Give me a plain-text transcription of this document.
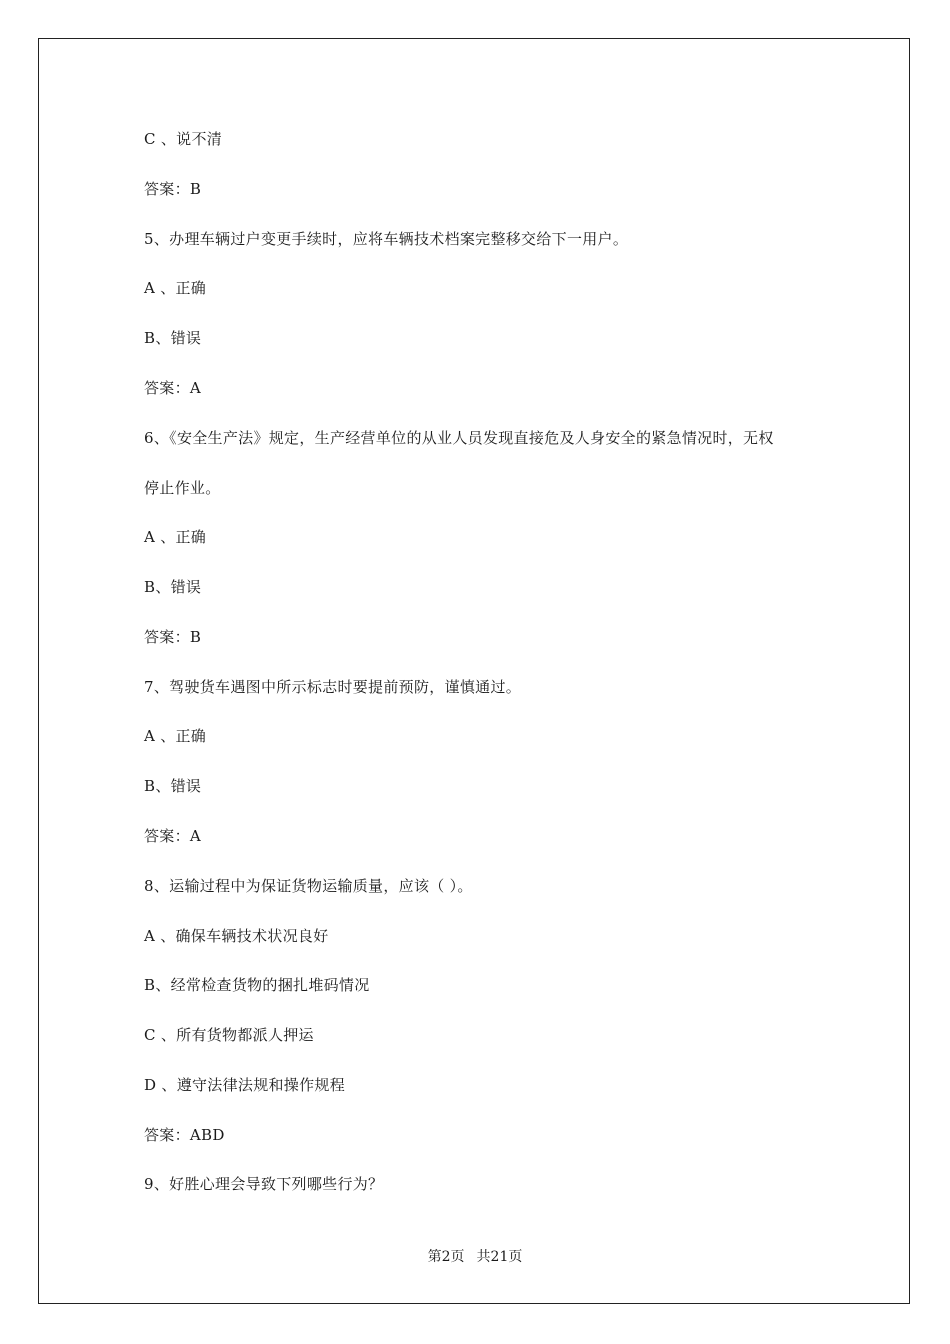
C 、说不清
答案：B
5、办理车辆过户变更手续时，应将车辆技术档案完整移交给下一用户。
A 、正确
B、错误
答案：A
6、《安全生产法》规定，生产经营单位的从业人员发现直接危及人身安全的紧急情况时，无权
停止作业。
A 、正确
B、错误
答案：B
7、驾驶货车遇图中所示标志时要提前预防，谨慎通过。
A 、正确
B、错误
答案：A
8、运输过程中为保证货物运输质量，应该（ ）。
A 、确保车辆技术状况良好
B、经常检查货物的捆扎堆码情况
C 、所有货物都派人押运
D 、遵守法律法规和操作规程
答案：ABD
9、好胜心理会导致下列哪些行为？
第2页 共21页
